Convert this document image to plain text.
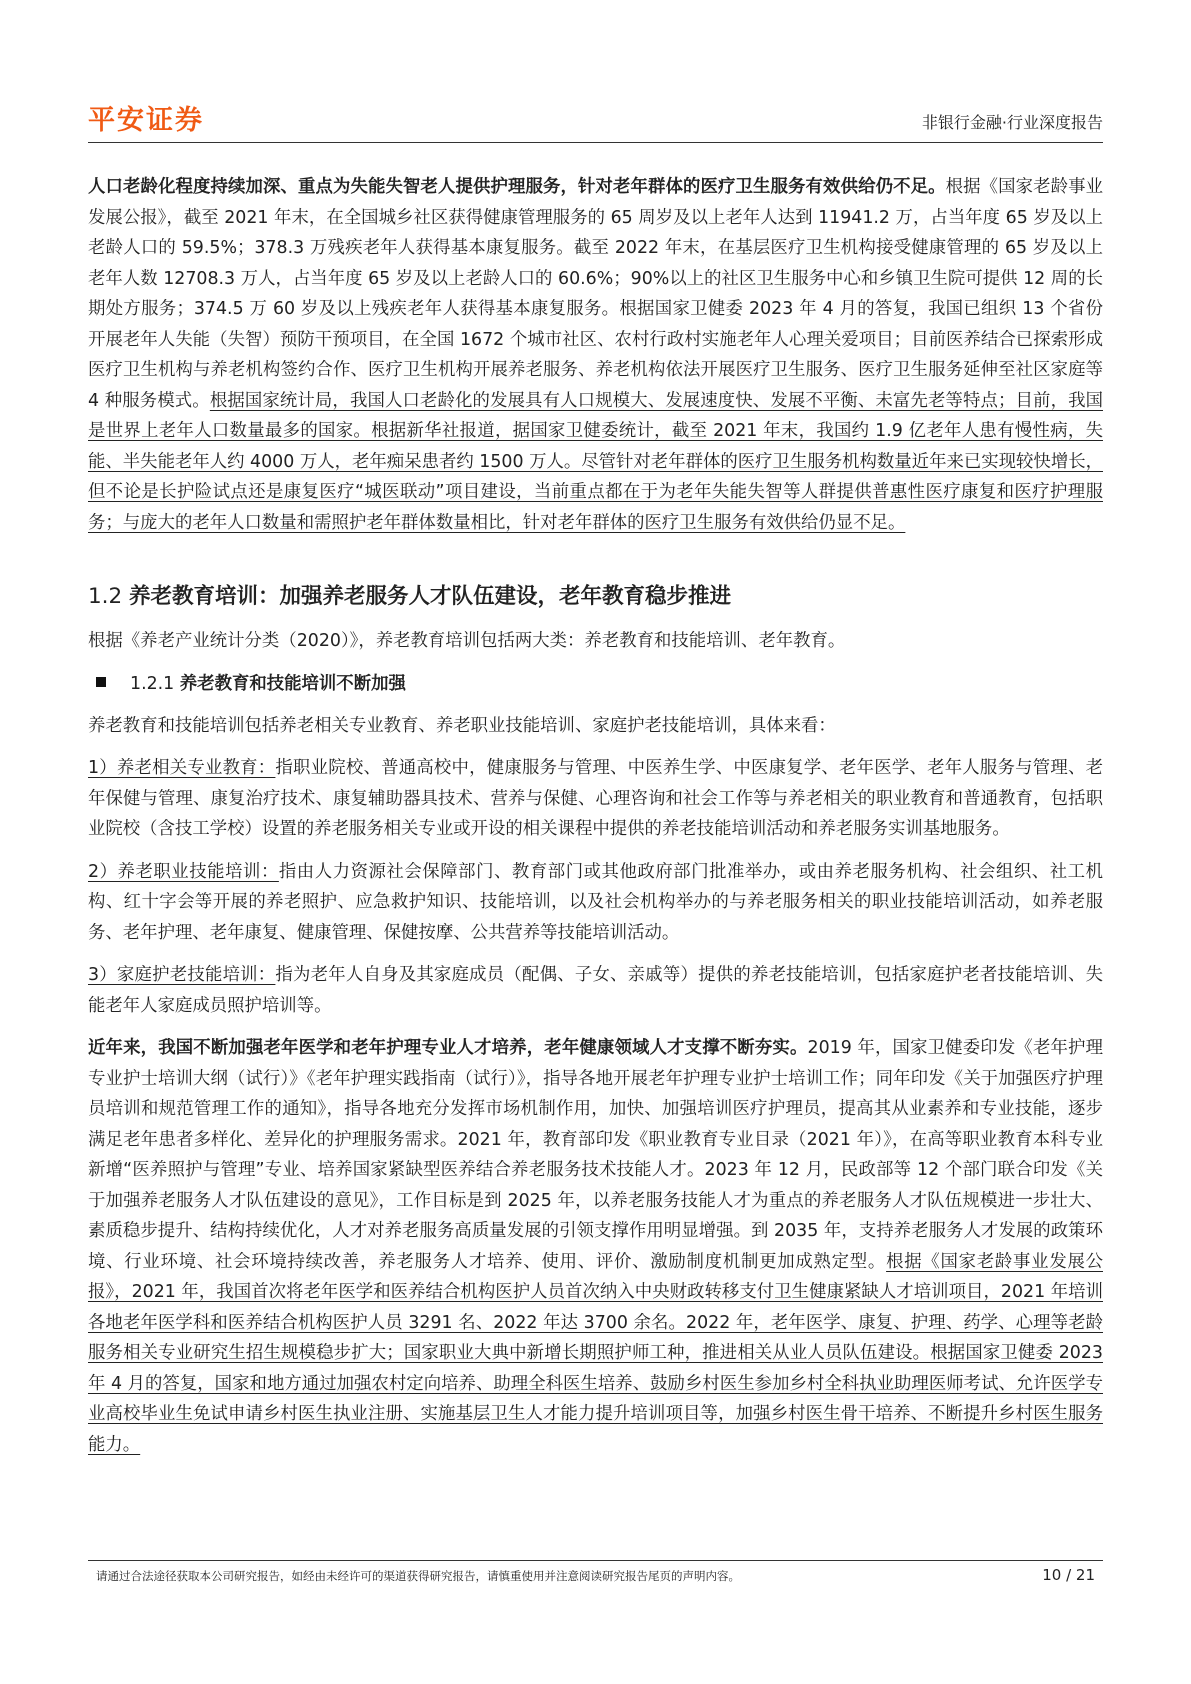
平安证券	非银行金融·行业深度报告

人口老龄化程度持续加深、重点为失能失智老人提供护理服务，针对老年群体的医疗卫生服务有效供给仍不足。根据《国家老龄事业发展公报》，截至 2021 年末，在全国城乡社区获得健康管理服务的 65 周岁及以上老年人达到 11941.2 万，占当年度 65 岁及以上老龄人口的 59.5%；378.3 万残疾老年人获得基本康复服务。截至 2022 年末，在基层医疗卫生机构接受健康管理的 65 岁及以上老年人数 12708.3 万人，占当年度 65 岁及以上老龄人口的 60.6%；90%以上的社区卫生服务中心和乡镇卫生院可提供 12 周的长期处方服务；374.5 万 60 岁及以上残疾老年人获得基本康复服务。根据国家卫健委 2023 年 4 月的答复，我国已组织 13 个省份开展老年人失能（失智）预防干预项目，在全国 1672 个城市社区、农村行政村实施老年人心理关爱项目；目前医养结合已探索形成医疗卫生机构与养老机构签约合作、医疗卫生机构开展养老服务、养老机构依法开展医疗卫生服务、医疗卫生服务延伸至社区家庭等 4 种服务模式。根据国家统计局，我国人口老龄化的发展具有人口规模大、发展速度快、发展不平衡、未富先老等特点；目前，我国是世界上老年人口数量最多的国家。根据新华社报道，据国家卫健委统计，截至 2021 年末，我国约 1.9 亿老年人患有慢性病，失能、半失能老年人约 4000 万人，老年痴呆患者约 1500 万人。尽管针对老年群体的医疗卫生服务机构数量近年来已实现较快增长，但不论是长护险试点还是康复医疗“城医联动”项目建设，当前重点都在于为老年失能失智等人群提供普惠性医疗康复和医疗护理服务；与庞大的老年人口数量和需照护老年群体数量相比，针对老年群体的医疗卫生服务有效供给仍显不足。

1.2 养老教育培训：加强养老服务人才队伍建设，老年教育稳步推进

根据《养老产业统计分类（2020）》，养老教育培训包括两大类：养老教育和技能培训、老年教育。

1.2.1 养老教育和技能培训不断加强

养老教育和技能培训包括养老相关专业教育、养老职业技能培训、家庭护老技能培训，具体来看：

1）养老相关专业教育：指职业院校、普通高校中，健康服务与管理、中医养生学、中医康复学、老年医学、老年人服务与管理、老年保健与管理、康复治疗技术、康复辅助器具技术、营养与保健、心理咨询和社会工作等与养老相关的职业教育和普通教育，包括职业院校（含技工学校）设置的养老服务相关专业或开设的相关课程中提供的养老技能培训活动和养老服务实训基地服务。

2）养老职业技能培训：指由人力资源社会保障部门、教育部门或其他政府部门批准举办，或由养老服务机构、社会组织、社工机构、红十字会等开展的养老照护、应急救护知识、技能培训，以及社会机构举办的与养老服务相关的职业技能培训活动，如养老服务、老年护理、老年康复、健康管理、保健按摩、公共营养等技能培训活动。

3）家庭护老技能培训：指为老年人自身及其家庭成员（配偶、子女、亲戚等）提供的养老技能培训，包括家庭护老者技能培训、失能老年人家庭成员照护培训等。

近年来，我国不断加强老年医学和老年护理专业人才培养，老年健康领域人才支撑不断夯实。2019 年，国家卫健委印发《老年护理专业护士培训大纲（试行）》《老年护理实践指南（试行）》，指导各地开展老年护理专业护士培训工作；同年印发《关于加强医疗护理员培训和规范管理工作的通知》，指导各地充分发挥市场机制作用，加快、加强培训医疗护理员，提高其从业素养和专业技能，逐步满足老年患者多样化、差异化的护理服务需求。2021 年，教育部印发《职业教育专业目录（2021 年）》，在高等职业教育本科专业新增“医养照护与管理”专业、培养国家紧缺型医养结合养老服务技术技能人才。2023 年 12 月，民政部等 12 个部门联合印发《关于加强养老服务人才队伍建设的意见》，工作目标是到 2025 年，以养老服务技能人才为重点的养老服务人才队伍规模进一步壮大、素质稳步提升、结构持续优化，人才对养老服务高质量发展的引领支撑作用明显增强。到 2035 年，支持养老服务人才发展的政策环境、行业环境、社会环境持续改善，养老服务人才培养、使用、评价、激励制度机制更加成熟定型。根据《国家老龄事业发展公报》，2021 年，我国首次将老年医学和医养结合机构医护人员首次纳入中央财政转移支付卫生健康紧缺人才培训项目，2021 年培训各地老年医学科和医养结合机构医护人员 3291 名、2022 年达 3700 余名。2022 年，老年医学、康复、护理、药学、心理等老龄服务相关专业研究生招生规模稳步扩大；国家职业大典中新增长期照护师工种，推进相关从业人员队伍建设。根据国家卫健委 2023 年 4 月的答复，国家和地方通过加强农村定向培养、助理全科医生培养、鼓励乡村医生参加乡村全科执业助理医师考试、允许医学专业高校毕业生免试申请乡村医生执业注册、实施基层卫生人才能力提升培训项目等，加强乡村医生骨干培养、不断提升乡村医生服务能力。

请通过合法途径获取本公司研究报告，如经由未经许可的渠道获得研究报告，请慎重使用并注意阅读研究报告尾页的声明内容。	10 / 21
